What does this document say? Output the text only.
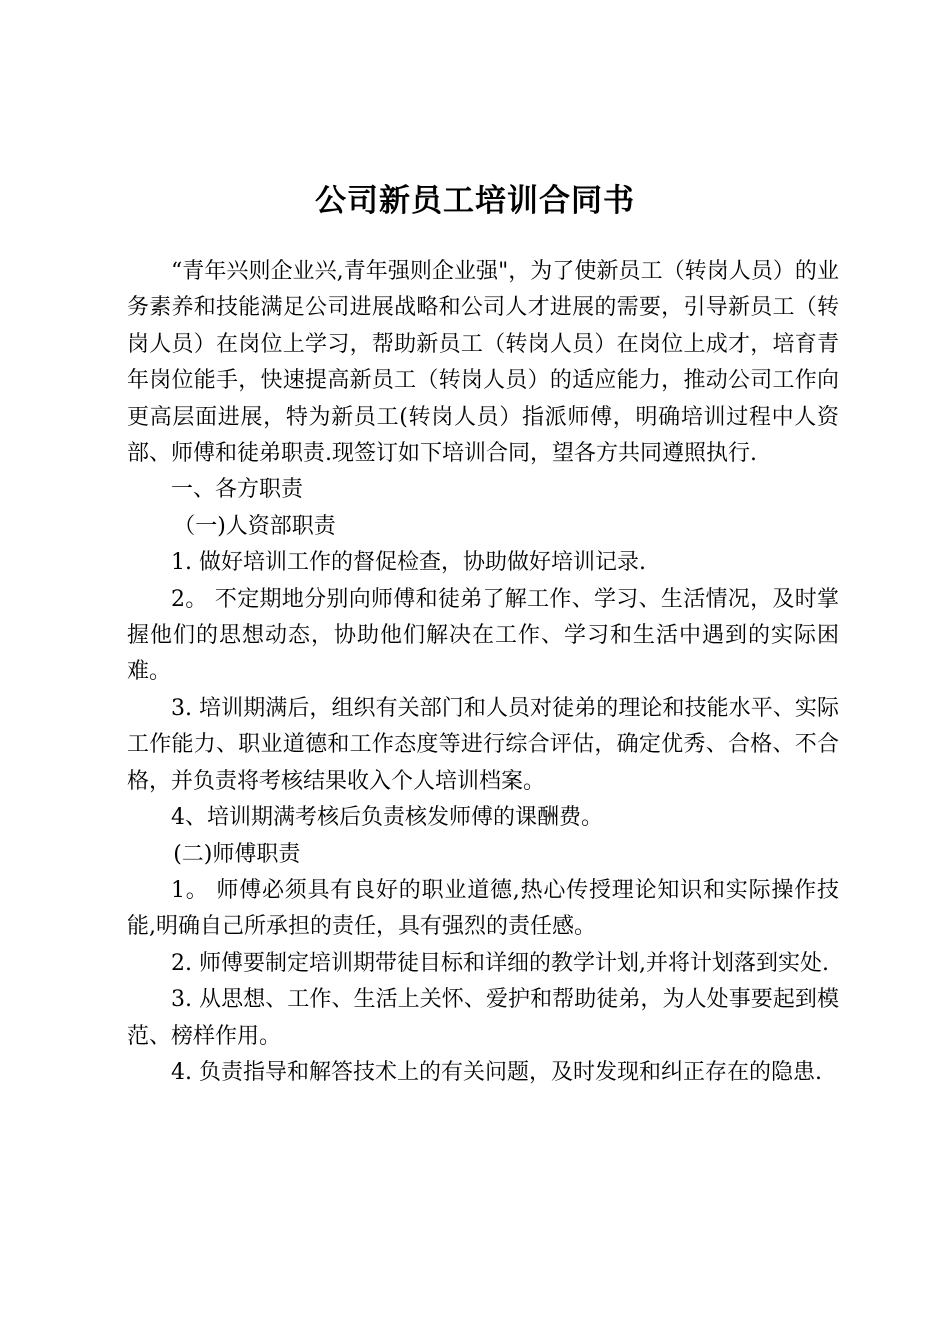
公司新员工培训合同书

“青年兴则企业兴,青年强则企业强"，为了使新员工（转岗人员）的业务素养和技能满足公司进展战略和公司人才进展的需要，引导新员工（转岗人员）在岗位上学习，帮助新员工（转岗人员）在岗位上成才，培育青年岗位能手，快速提高新员工（转岗人员）的适应能力，推动公司工作向更高层面进展，特为新员工(转岗人员）指派师傅，明确培训过程中人资部、师傅和徒弟职责.现签订如下培训合同，望各方共同遵照执行.

一、各方职责

（一)人资部职责

1. 做好培训工作的督促检查，协助做好培训记录.

2。 不定期地分别向师傅和徒弟了解工作、学习、生活情况，及时掌握他们的思想动态，协助他们解决在工作、学习和生活中遇到的实际困难。

3. 培训期满后，组织有关部门和人员对徒弟的理论和技能水平、实际工作能力、职业道德和工作态度等进行综合评估，确定优秀、合格、不合格，并负责将考核结果收入个人培训档案。

4、培训期满考核后负责核发师傅的课酬费。

(二)师傅职责

1。 师傅必须具有良好的职业道德,热心传授理论知识和实际操作技能,明确自己所承担的责任，具有强烈的责任感。

2. 师傅要制定培训期带徒目标和详细的教学计划,并将计划落到实处.

3. 从思想、工作、生活上关怀、爱护和帮助徒弟，为人处事要起到模范、榜样作用。

4. 负责指导和解答技术上的有关问题，及时发现和纠正存在的隐患.
